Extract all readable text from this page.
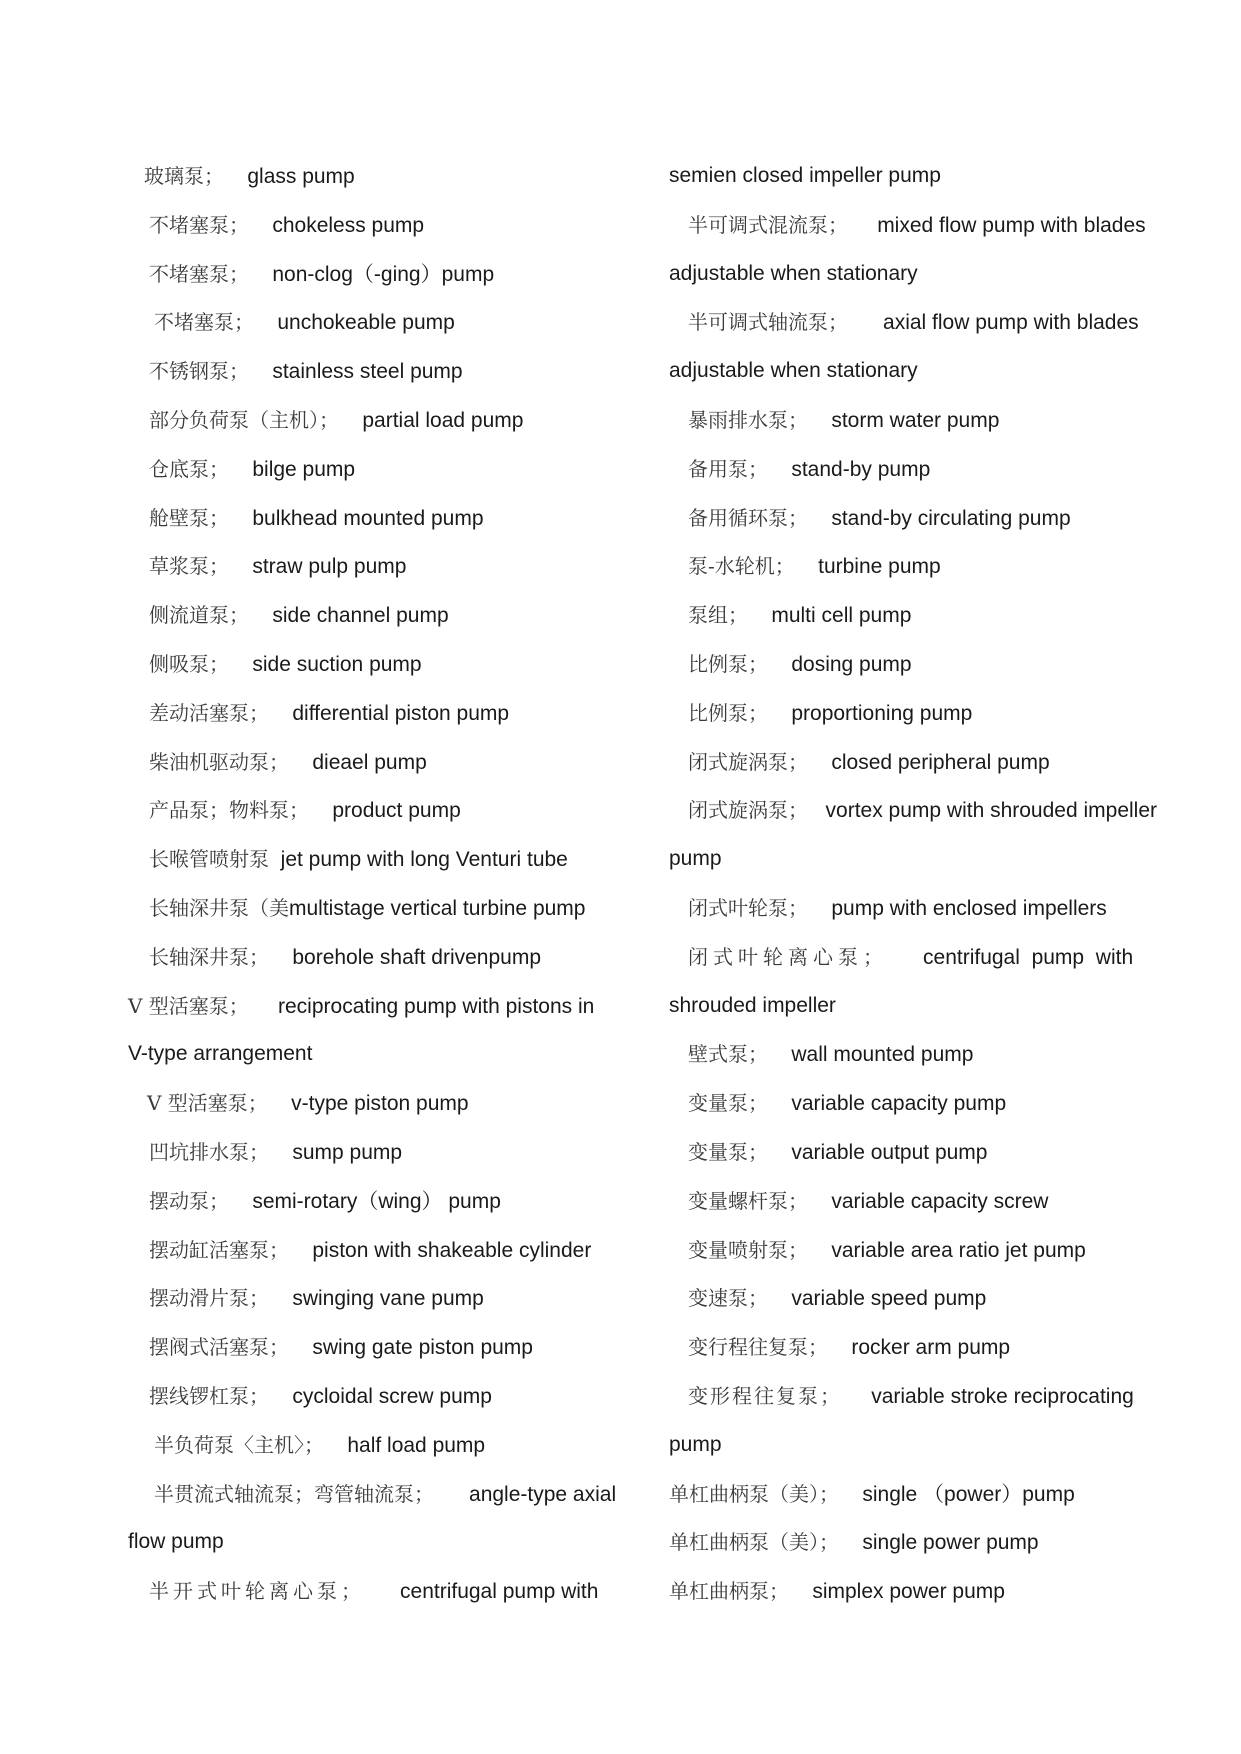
玻璃泵； glass pump
不堵塞泵； chokeless pump
不堵塞泵； non-clog（-ging）pump
不堵塞泵； unchokeable pump
不锈钢泵； stainless steel pump
部分负荷泵（主机）； partial load pump
仓底泵； bilge pump
舱壁泵； bulkhead mounted pump
草浆泵； straw pulp pump
侧流道泵； side channel pump
侧吸泵； side suction pump
差动活塞泵； differential piston pump
柴油机驱动泵； dieael pump
产品泵；物料泵； product pump
长喉管喷射泵 jet pump with long Venturi tube
长轴深井泵（美multistage vertical turbine pump
长轴深井泵； borehole shaft drivenpump
V 型活塞泵； reciprocating pump with pistons in
V-type arrangement
V 型活塞泵； v-type piston pump
凹坑排水泵； sump pump
摆动泵； semi-rotary（wing） pump
摆动缸活塞泵； piston with shakeable cylinder
摆动滑片泵； swinging vane pump
摆阀式活塞泵； swing gate piston pump
摆线锣杠泵； cycloidal screw pump
半负荷泵〈主机〉； half load pump
半贯流式轴流泵；弯管轴流泵； angle-type axial
flow pump
半开式叶轮离心泵； centrifugal pump with
semien closed impeller pump
半可调式混流泵； mixed flow pump with blades
adjustable when stationary
半可调式轴流泵； axial flow pump with blades
adjustable when stationary
暴雨排水泵； storm water pump
备用泵； stand-by pump
备用循环泵； stand-by circulating pump
泵-水轮机； turbine pump
泵组； multi cell pump
比例泵； dosing pump
比例泵； proportioning pump
闭式旋涡泵； closed peripheral pump
闭式旋涡泵； vortex pump with shrouded impeller
pump
闭式叶轮泵； pump with enclosed impellers
闭式叶轮离心泵； centrifugal  pump  with
shrouded impeller
壁式泵； wall mounted pump
变量泵； variable capacity pump
变量泵； variable output pump
变量螺杆泵； variable capacity screw
变量喷射泵； variable area ratio jet pump
变速泵； variable speed pump
变行程往复泵； rocker arm pump
变形程往复泵； variable stroke reciprocating
pump
单杠曲柄泵（美）； single （power）pump
单杠曲柄泵（美）； single power pump
单杠曲柄泵； simplex power pump
